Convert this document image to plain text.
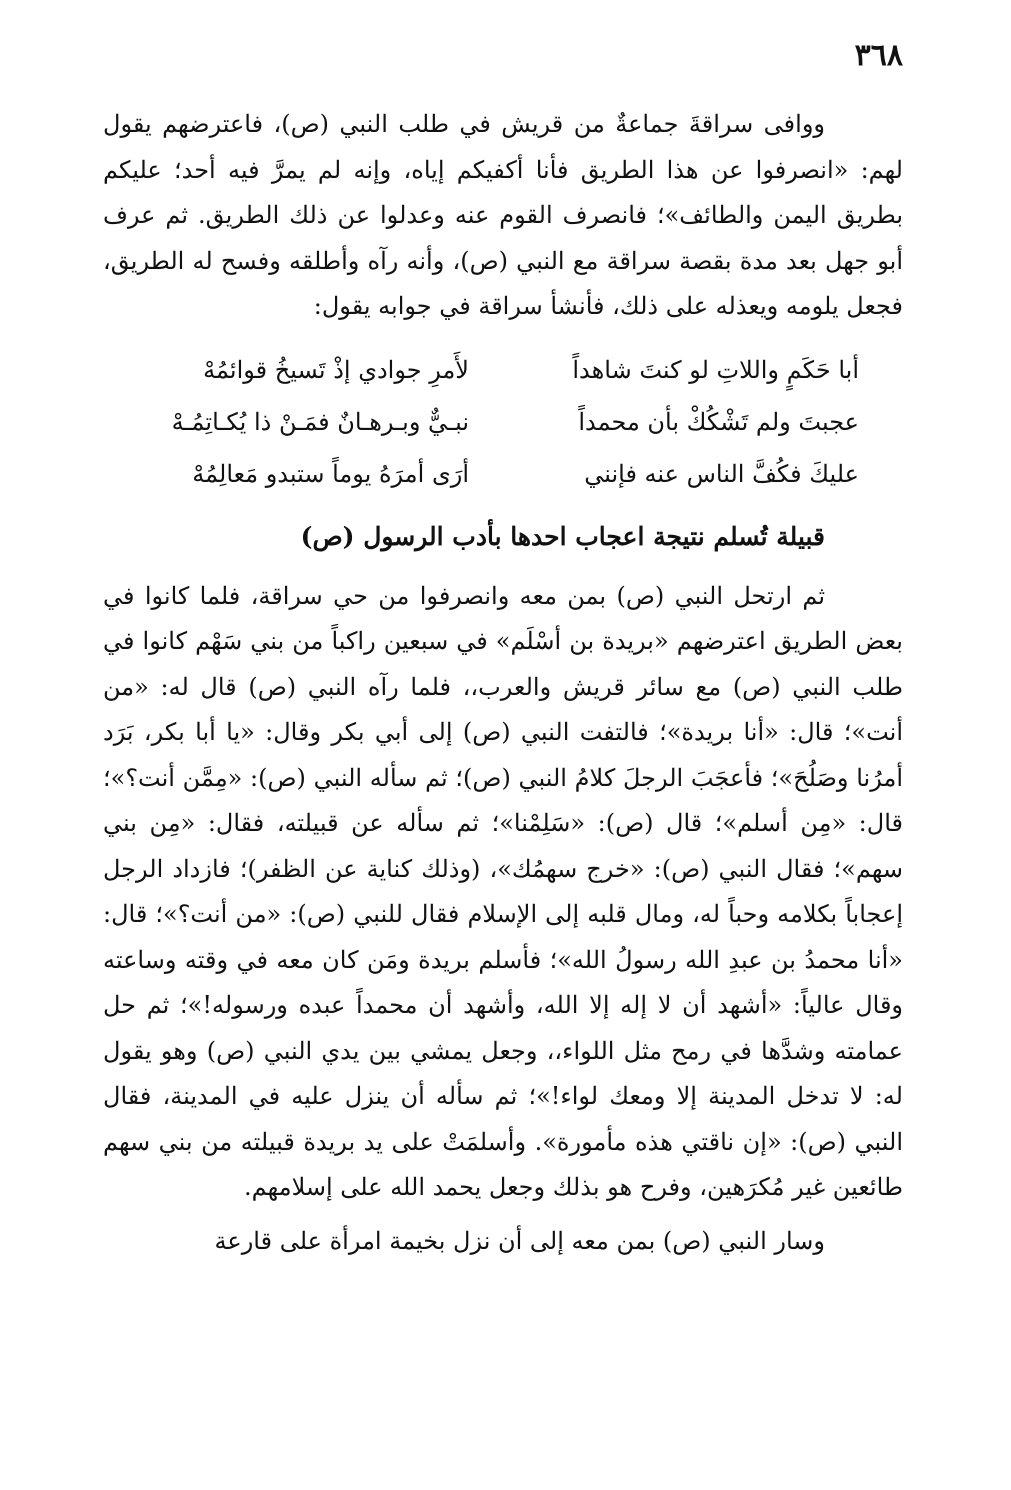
٣٦٨

ووافى سراقةَ جماعةٌ من قريش في طلب النبي (ص)، فاعترضهم يقول لهم: «انصرفوا عن هذا الطريق فأنا أكفيكم إياه، وإنه لم يمرَّ فيه أحد؛ عليكم بطريق اليمن والطائف»؛ فانصرف القوم عنه وعدلوا عن ذلك الطريق. ثم عرف أبو جهل بعد مدة بقصة سراقة مع النبي (ص)، وأنه رآه وأطلقه وفسح له الطريق، فجعل يلومه ويعذله على ذلك، فأنشأ سراقة في جوابه يقول:

أبا حَكَمٍ واللاتِ لو كنتَ شاهداً
لأَمرِ جوادي إذْ تَسيخُ قوائمُهْ
عجبتَ ولم تَشْكُكْ بأن محمداً
نبـيٌّ وبـرهـانٌ فمَـنْ ذا يُكـاتِمُـهْ
عليكَ فكُفَّ الناس عنه فإنني
أرَى أمرَهُ يوماً ستبدو مَعالِمُهْ
قبيلة تُسلم نتيجة اعجاب احدها بأدب الرسول (ص)

ثم ارتحل النبي (ص) بمن معه وانصرفوا من حي سراقة، فلما كانوا في بعض الطريق اعترضهم «بريدة بن أسْلَم» في سبعين راكباً من بني سَهْم كانوا في طلب النبي (ص) مع سائر قريش والعرب،، فلما رآه النبي (ص) قال له: «من أنت»؛ قال: «أنا بريدة»؛ فالتفت النبي (ص) إلى أبي بكر وقال: «يا أبا بكر، بَرَد أمرُنا وصَلُحَ»؛ فأعجَبَ الرجلَ كلامُ النبي (ص)؛ ثم سأله النبي (ص): «مِمَّن أنت؟»؛ قال: «مِن أسلم»؛ قال (ص): «سَلِمْنا»؛ ثم سأله عن قبيلته، فقال: «مِن بني سهم»؛ فقال النبي (ص): «خرج سهمُك»، (وذلك كناية عن الظفر)؛ فازداد الرجل إعجاباً بكلامه وحباً له، ومال قلبه إلى الإسلام فقال للنبي (ص): «من أنت؟»؛ قال: «أنا محمدُ بن عبدِ الله رسولُ الله»؛ فأسلم بريدة ومَن كان معه في وقته وساعته وقال عالياً: «أشهد أن لا إله إلا الله، وأشهد أن محمداً عبده ورسوله!»؛ ثم حل عمامته وشدَّها في رمح مثل اللواء،، وجعل يمشي بين يدي النبي (ص) وهو يقول له: لا تدخل المدينة إلا ومعك لواء!»؛ ثم سأله أن ينزل عليه في المدينة، فقال النبي (ص): «إن ناقتي هذه مأمورة». وأسلمَتْ على يد بريدة قبيلته من بني سهم طائعين غير مُكرَهين، وفرح هو بذلك وجعل يحمد الله على إسلامهم.

وسار النبي (ص) بمن معه إلى أن نزل بخيمة امرأة على قارعة
